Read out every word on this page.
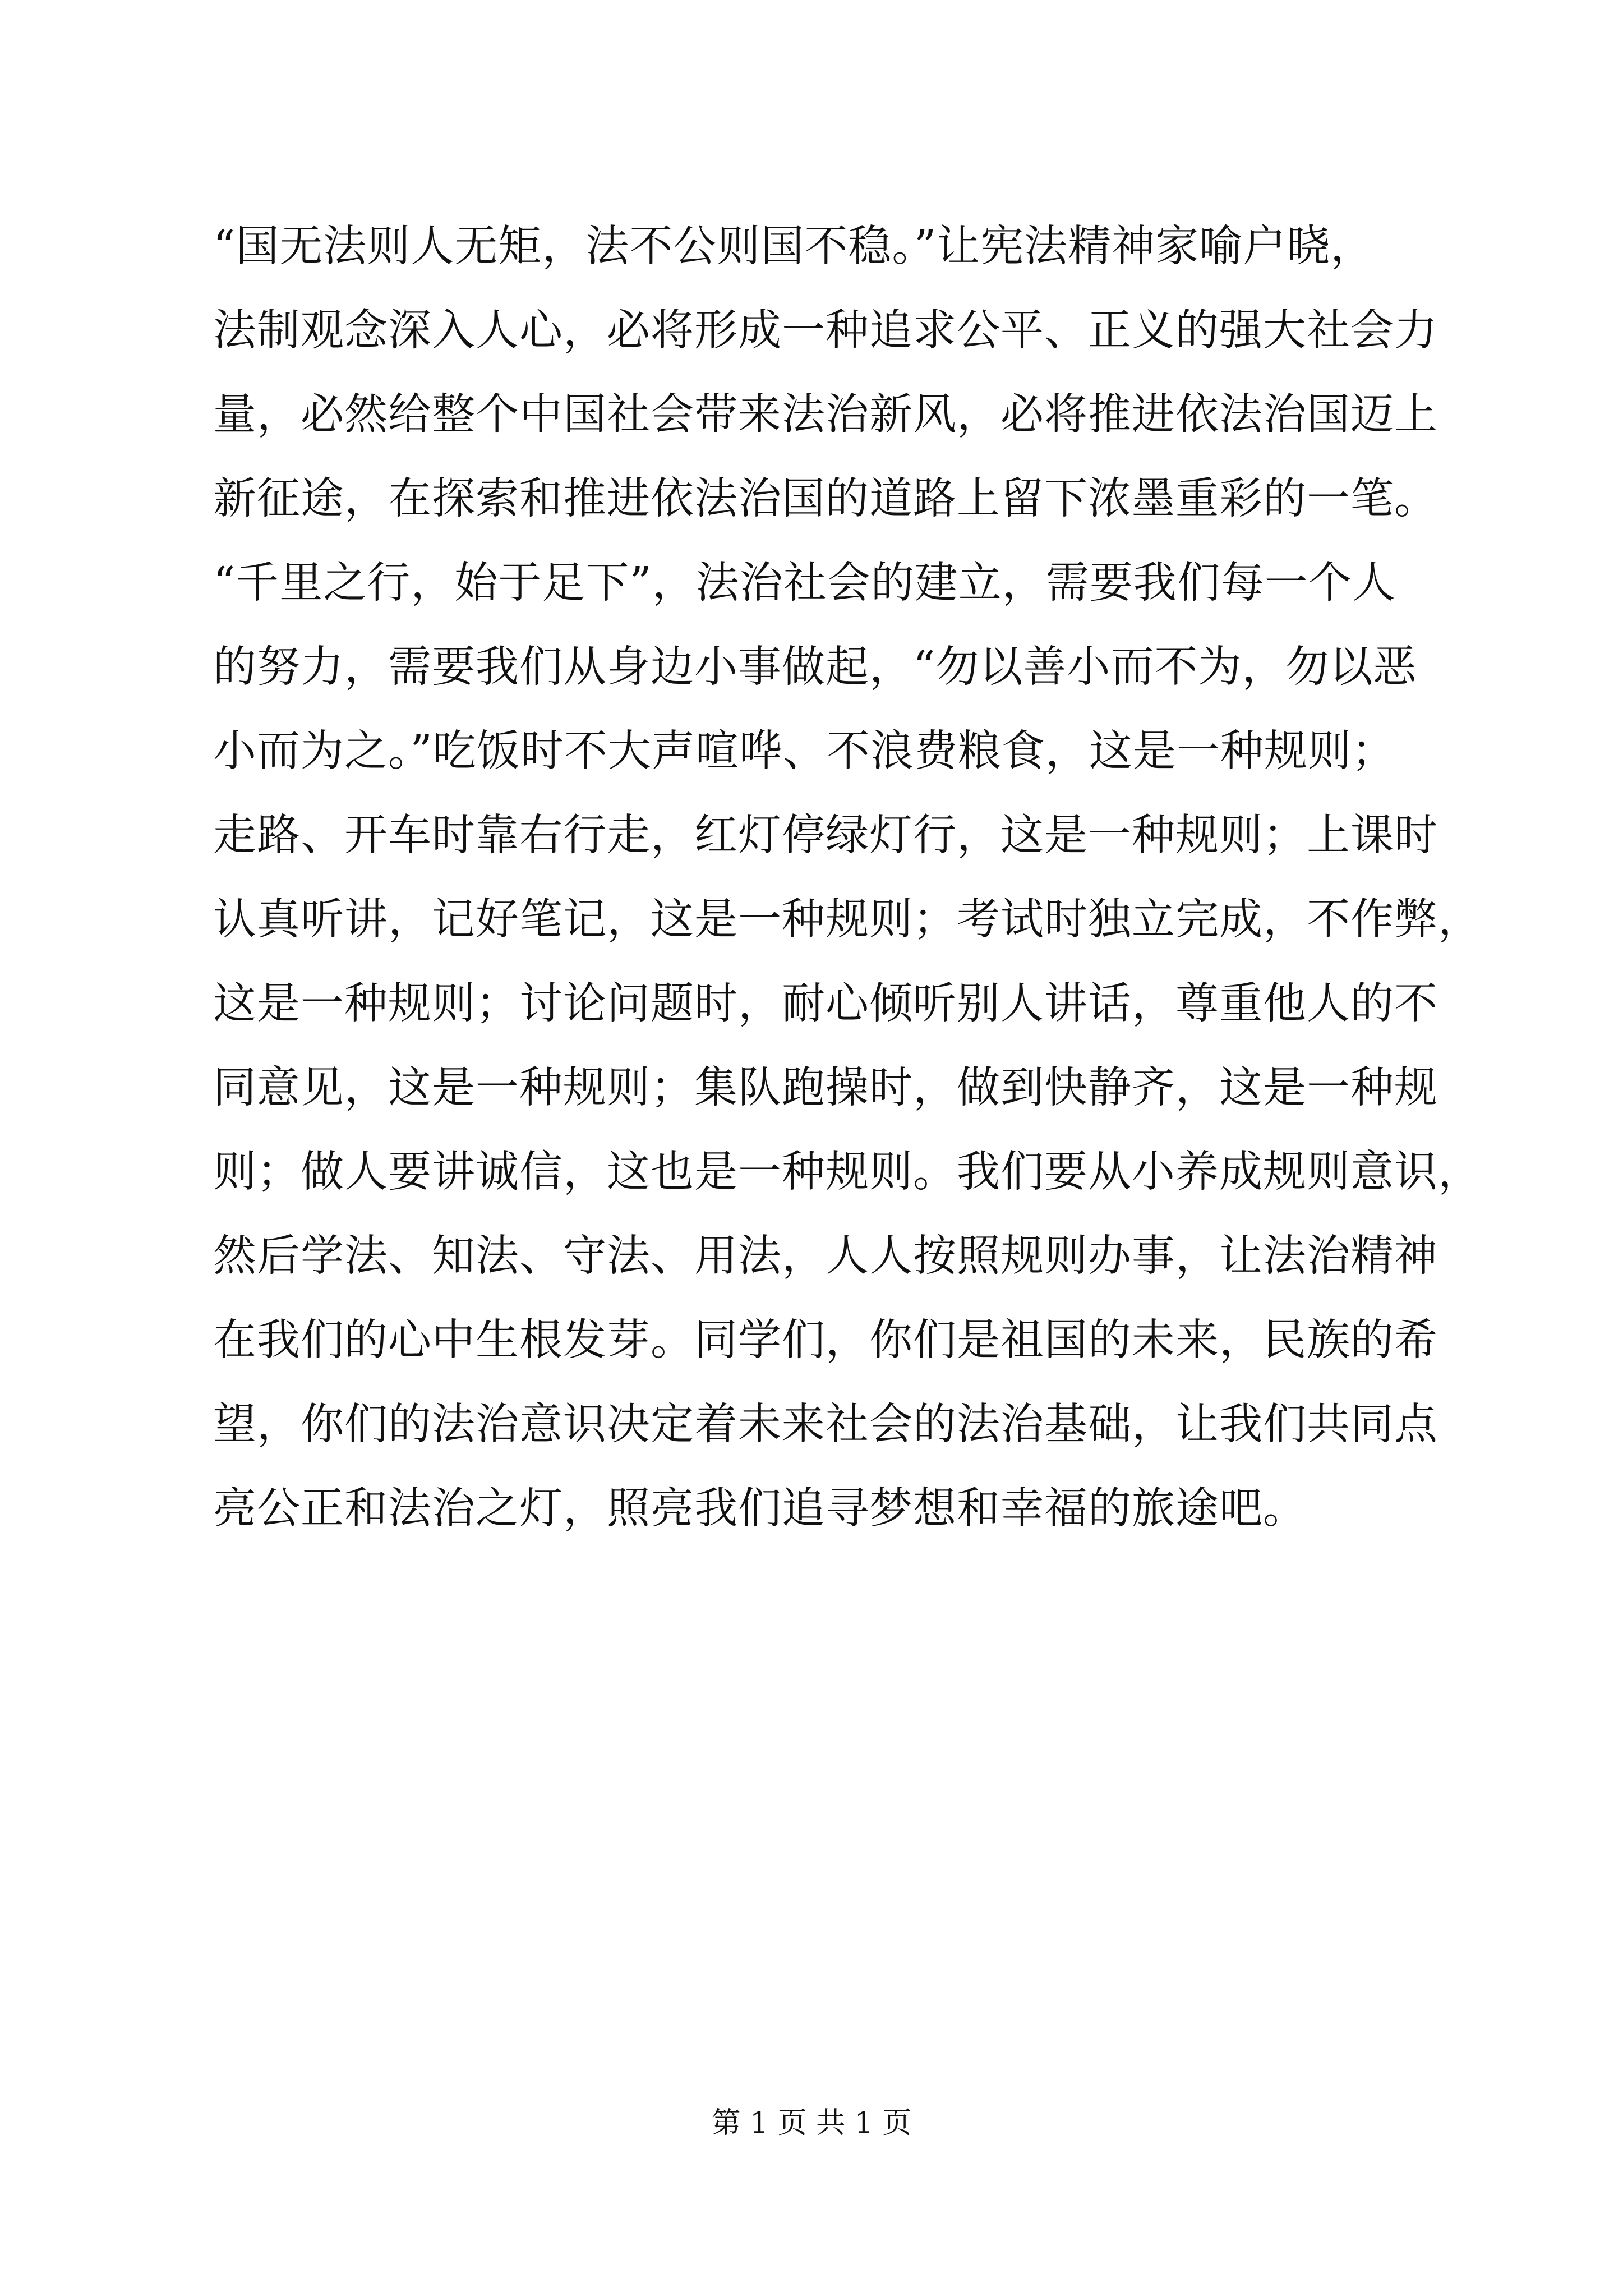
“国无法则人无矩，法不公则国不稳。”让宪法精神家喻户晓，
法制观念深入人心，必将形成一种追求公平、正义的强大社会力
量，必然给整个中国社会带来法治新风，必将推进依法治国迈上
新征途，在探索和推进依法治国的道路上留下浓墨重彩的一笔。
“千里之行，始于足下”，法治社会的建立，需要我们每一个人
的努力，需要我们从身边小事做起，“勿以善小而不为，勿以恶
小而为之。”吃饭时不大声喧哗、不浪费粮食，这是一种规则；
走路、开车时靠右行走，红灯停绿灯行，这是一种规则；上课时
认真听讲，记好笔记，这是一种规则；考试时独立完成，不作弊，
这是一种规则；讨论问题时，耐心倾听别人讲话，尊重他人的不
同意见，这是一种规则；集队跑操时，做到快静齐，这是一种规
则；做人要讲诚信，这也是一种规则。我们要从小养成规则意识，
然后学法、知法、守法、用法，人人按照规则办事，让法治精神
在我们的心中生根发芽。同学们，你们是祖国的未来，民族的希
望，你们的法治意识决定着未来社会的法治基础，让我们共同点
亮公正和法治之灯，照亮我们追寻梦想和幸福的旅途吧。
第 1 页 共 1 页
